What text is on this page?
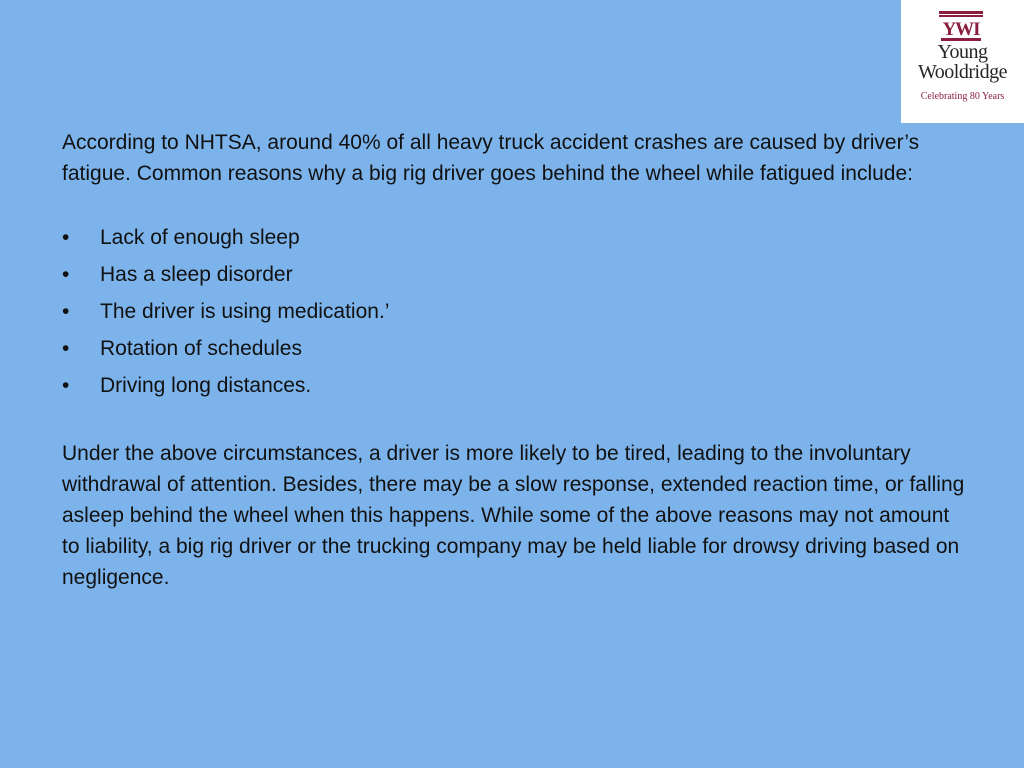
YWI
Young
Wooldridge
Celebrating 80 Years

According to NHTSA, around 40% of all heavy truck accident crashes are caused by driver’s fatigue. Common reasons why a big rig driver goes behind the wheel while fatigued include:

•	Lack of enough sleep
•	Has a sleep disorder
•	The driver is using medication.’
•	Rotation of schedules
•	Driving long distances.

Under the above circumstances, a driver is more likely to be tired, leading to the involuntary withdrawal of attention. Besides, there may be a slow response, extended reaction time, or falling asleep behind the wheel when this happens. While some of the above reasons may not amount to liability, a big rig driver or the trucking company may be held liable for drowsy driving based on negligence.
